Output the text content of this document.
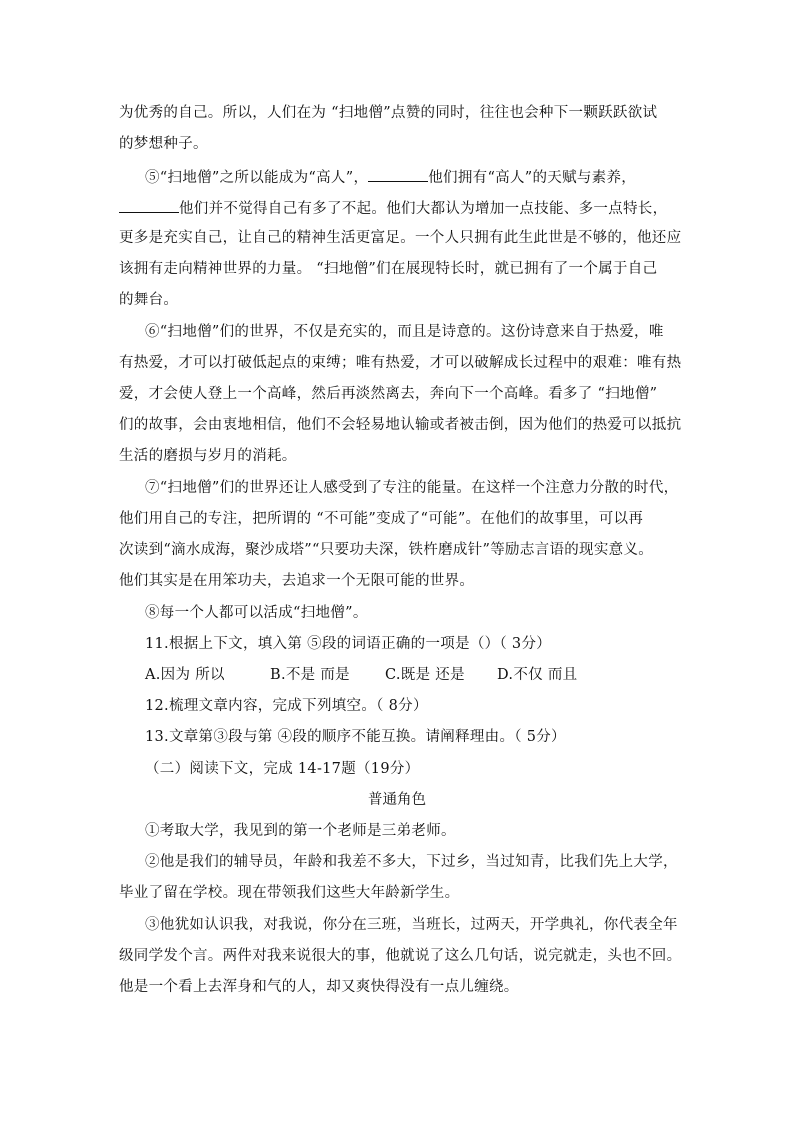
为优秀的自己。所以，人们在为 “扫地僧”点赞的同时，往往也会种下一颗跃跃欲试
的梦想种子。
⑤“扫地僧”之所以能成为“高人”，	他们拥有“高人”的天赋与素养，
他们并不觉得自己有多了不起。他们大都认为增加一点技能、多一点特长，
更多是充实自己，让自己的精神生活更富足。一个人只拥有此生此世是不够的，他还应
该拥有走向精神世界的力量。 “扫地僧”们在展现特长时，就已拥有了一个属于自己
的舞台。
⑥“扫地僧”们的世界，不仅是充实的，而且是诗意的。这份诗意来自于热爱，唯
有热爱，才可以打破低起点的束缚；唯有热爱，才可以破解成长过程中的艰难：唯有热
爱，才会使人登上一个高峰，然后再淡然离去，奔向下一个高峰。看多了 “扫地僧”
们的故事，会由衷地相信，他们不会轻易地认输或者被击倒，因为他们的热爱可以抵抗
生活的磨损与岁月的消耗。
⑦“扫地僧”们的世界还让人感受到了专注的能量。在这样一个注意力分散的时代，
他们用自己的专注，把所谓的 “不可能”变成了“可能”。在他们的故事里，可以再
次读到“滴水成海，聚沙成塔”“只要功夫深，铁杵磨成针”等励志言语的现实意义。
他们其实是在用笨功夫，去追求一个无限可能的世界。
⑧每一个人都可以活成“扫地僧”。
11.根据上下文，填入第 ⑤段的词语正确的一项是（）（ 3分）
A.因为 所以	B.不是 而是 C.既是 还是 D.不仅 而且
12.梳理文章内容，完成下列填空。（ 8分）
13.文章第③段与第 ④段的顺序不能互换。请阐释理由。（ 5分）
（二）阅读下文，完成 14-17题（19分）
普通角色
①考取大学，我见到的第一个老师是三弟老师。
②他是我们的辅导员，年龄和我差不多大，下过乡，当过知青，比我们先上大学，
毕业了留在学校。现在带领我们这些大年龄新学生。
③他犹如认识我，对我说，你分在三班，当班长，过两天，开学典礼，你代表全年
级同学发个言。两件对我来说很大的事，他就说了这么几句话，说完就走，头也不回。
他是一个看上去浑身和气的人，却又爽快得没有一点儿缠绕。
